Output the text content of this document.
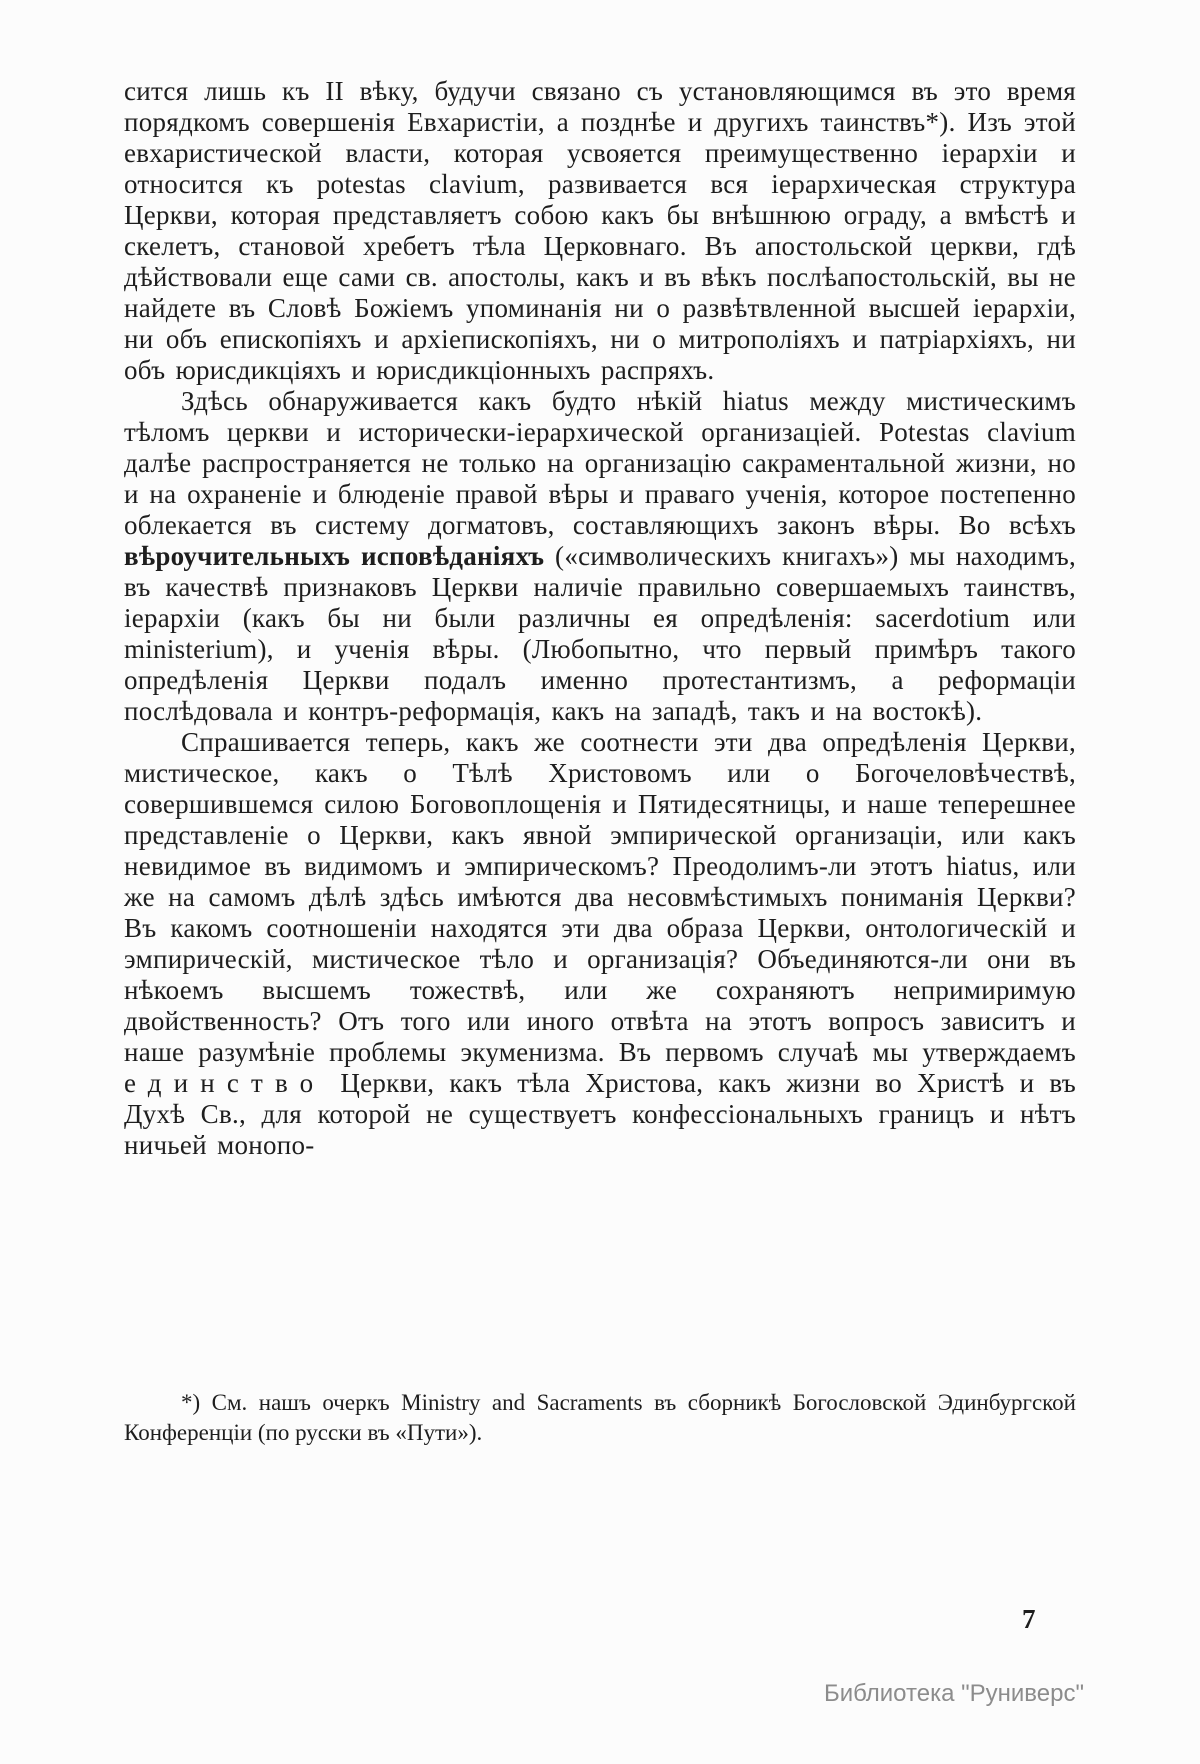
сится лишь къ II вѣку, будучи связано съ установляющимся въ это время порядкомъ совершенія Евхаристіи, а позднѣе и другихъ таинствъ*). Изъ этой евхаристической власти, которая усвояется преимущественно іерархіи и относится къ potestas clavium, развивается вся іерархическая структура Церкви, которая представляетъ собою какъ бы внѣшнюю ограду, а вмѣстѣ и скелетъ, становой хребетъ тѣла Церковнаго. Въ апостольской церкви, гдѣ дѣйствовали еще сами св. апостолы, какъ и въ вѣкъ послѣапостольскій, вы не найдете въ Словѣ Божіемъ упоминанія ни о развѣтвленной высшей іерархіи, ни объ епископіяхъ и архіепископіяхъ, ни о митрополіяхъ и патріархіяхъ, ни объ юрисдикціяхъ и юрисдикціонныхъ распряхъ.

Здѣсь обнаруживается какъ будто нѣкій hiatus между мистическимъ тѣломъ церкви и исторически-іерархической организаціей. Potestas clavium далѣе распространяется не только на организацію сакраментальной жизни, но и на охраненіе и блюденіе правой вѣры и праваго ученія, которое постепенно облекается въ систему догматовъ, составляющихъ законъ вѣры. Во всѣхъ вѣроучительныхъ исповѣданіяхъ («символическихъ книгахъ») мы находимъ, въ качествѣ признаковъ Церкви наличіе правильно совершаемыхъ таинствъ, іерархіи (какъ бы ни были различны ея опредѣленія: sacerdotium или ministerium), и ученія вѣры. (Любопытно, что первый примѣръ такого опредѣленія Церкви подалъ именно протестантизмъ, а реформаціи послѣдовала и контръ-реформація, какъ на западѣ, такъ и на востокѣ).

Спрашивается теперь, какъ же соотнести эти два опредѣленія Церкви, мистическое, какъ о Тѣлѣ Христовомъ или о Богочеловѣчествѣ, совершившемся силою Боговоплощенія и Пятидесятницы, и наше теперешнее представленіе о Церкви, какъ явной эмпирической организаціи, или какъ невидимое въ видимомъ и эмпирическомъ? Преодолимъ-ли этотъ hiatus, или же на самомъ дѣлѣ здѣсь имѣются два несовмѣстимыхъ пониманія Церкви? Въ какомъ соотношеніи находятся эти два образа Церкви, онтологическій и эмпирическій, мистическое тѣло и организація? Объединяются-ли они въ нѣкоемъ высшемъ тожествѣ, или же сохраняютъ непримиримую двойственность? Отъ того или иного отвѣта на этотъ вопросъ зависитъ и наше разумѣніе проблемы экуменизма. Въ первомъ случаѣ мы утверждаемъ единство Церкви, какъ тѣла Христова, какъ жизни во Христѣ и въ Духѣ Св., для которой не существуетъ конфессіональныхъ границъ и нѣтъ ничьей монопо-

*) См. нашъ очеркъ Ministry and Sacraments въ сборникѣ Богословской Эдинбургской Конференціи (по русски въ «Пути»).

7
Библиотека "Руниверс"
